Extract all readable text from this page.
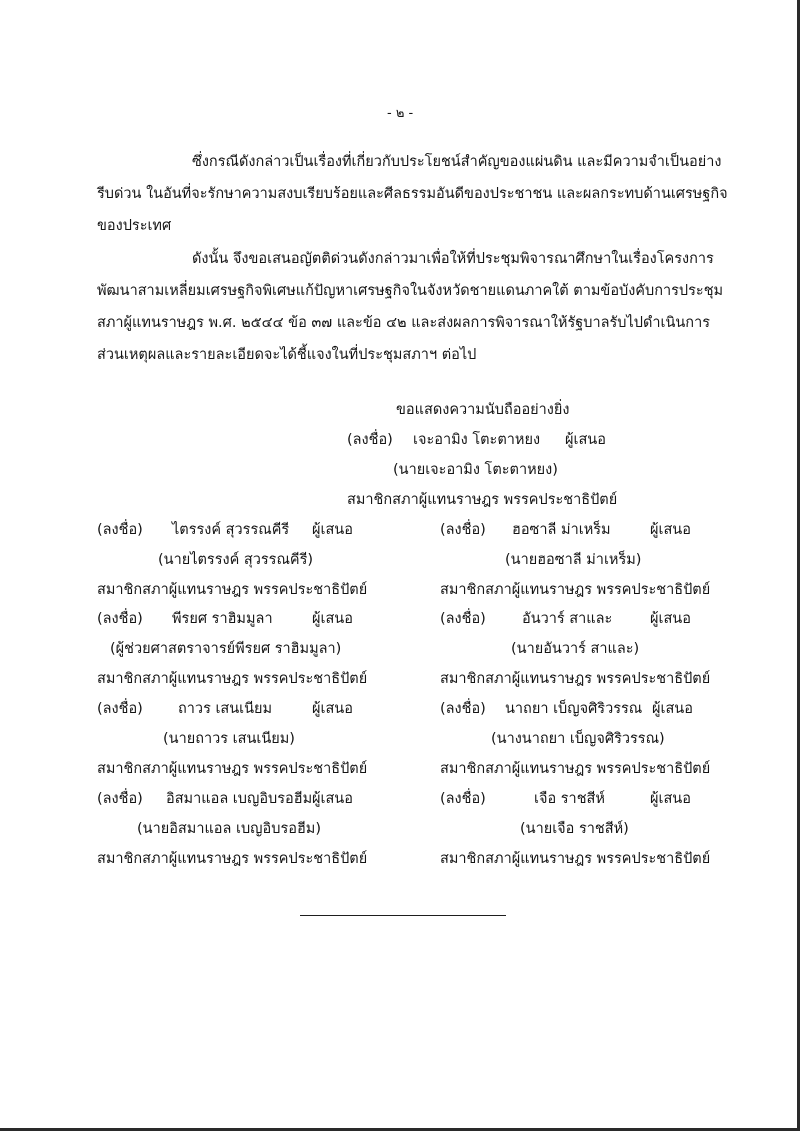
- ๒ -
ซึ่งกรณีดังกล่าวเป็นเรื่องที่เกี่ยวกับประโยชน์สำคัญของแผ่นดิน และมีความจำเป็นอย่าง
รีบด่วน ในอันที่จะรักษาความสงบเรียบร้อยและศีลธรรมอันดีของประชาชน และผลกระทบด้านเศรษฐกิจ
ของประเทศ
ดังนั้น จึงขอเสนอญัตติด่วนดังกล่าวมาเพื่อให้ที่ประชุมพิจารณาศึกษาในเรื่องโครงการ
พัฒนาสามเหลี่ยมเศรษฐกิจพิเศษแก้ปัญหาเศรษฐกิจในจังหวัดชายแดนภาคใต้ ตามข้อบังคับการประชุม
สภาผู้แทนราษฎร พ.ศ. ๒๕๔๔ ข้อ ๓๗ และข้อ ๔๒ และส่งผลการพิจารณาให้รัฐบาลรับไปดำเนินการ
ส่วนเหตุผลและรายละเอียดจะได้ชี้แจงในที่ประชุมสภาฯ ต่อไป
ขอแสดงความนับถืออย่างยิ่ง
(ลงชื่อ) เจะอามิง โตะตาหยง ผู้เสนอ
(นายเจะอามิง โตะตาหยง)
สมาชิกสภาผู้แทนราษฎร พรรคประชาธิปัตย์
(ลงชื่อ) ไตรรงค์ สุวรรณคีรี ผู้เสนอ
(นายไตรรงค์ สุวรรณคีรี)
สมาชิกสภาผู้แทนราษฎร พรรคประชาธิปัตย์
(ลงชื่อ) พีรยศ ราฮิมมูลา	ผู้เสนอ
(ผู้ช่วยศาสตราจารย์พีรยศ ราฮิมมูลา)
สมาชิกสภาผู้แทนราษฎร พรรคประชาธิปัตย์
(ลงชื่อ) ถาวร เสนเนียม	ผู้เสนอ
(นายถาวร เสนเนียม)
สมาชิกสภาผู้แทนราษฎร พรรคประชาธิปัตย์
(ลงชื่อ) อิสมาแอล เบญอิบรอฮีม ผู้เสนอ
(นายอิสมาแอล เบญอิบรอฮีม)
สมาชิกสภาผู้แทนราษฎร พรรคประชาธิปัตย์
(ลงชื่อ) ฮอซาลี ม่าเหร็ม	ผู้เสนอ
(นายฮอซาลี ม่าเหร็ม)
สมาชิกสภาผู้แทนราษฎร พรรคประชาธิปัตย์
(ลงชื่อ) อันวาร์ สาและ	ผู้เสนอ
(นายอันวาร์ สาและ)
สมาชิกสภาผู้แทนราษฎร พรรคประชาธิปัตย์
(ลงชื่อ) นาถยา เบ็ญจศิริวรรณ ผู้เสนอ
(นางนาถยา เบ็ญจศิริวรรณ)
สมาชิกสภาผู้แทนราษฎร พรรคประชาธิปัตย์
(ลงชื่อ)	เจือ ราชสีห์	ผู้เสนอ
(นายเจือ ราชสีห์)
สมาชิกสภาผู้แทนราษฎร พรรคประชาธิปัตย์
